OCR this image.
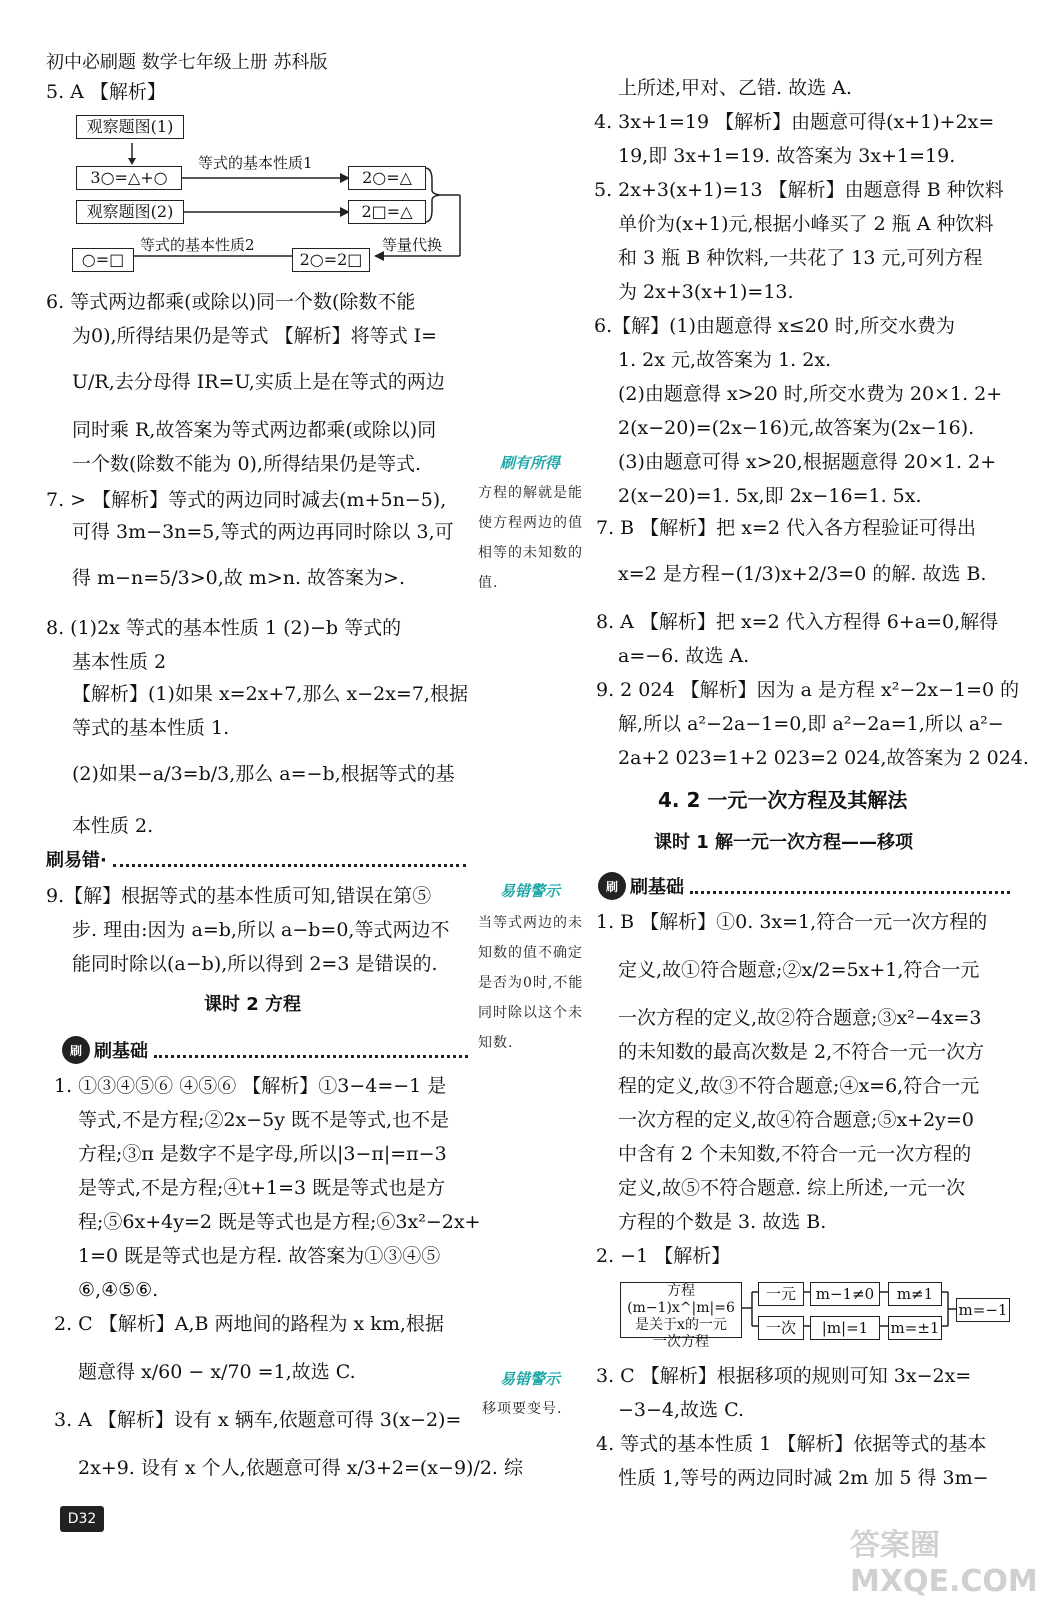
初中必刷题 数学七年级上册 苏科版
观察题图(1)
3○=△+○
等式的基本性质1
2○=△
观察题图(2)	2□=△
等式的基本性质2	等量代换
○=□	2○=2□
5. A 【解析】
6. 等式两边都乘(或除以)同一个数(除数不能
为0),所得结果仍是等式 【解析】将等式 I=
U/R,去分母得 IR=U,实质上是在等式的两边
同时乘 R,故答案为等式两边都乘(或除以)同
一个数(除数不能为 0),所得结果仍是等式.
7. > 【解析】等式的两边同时减去(m+5n−5),
可得 3m−3n=5,等式的两边再同时除以 3,可
得 m−n=5/3>0,故 m>n. 故答案为>.
8. (1)2x 等式的基本性质 1 (2)−b 等式的
基本性质 2
【解析】(1)如果 x=2x+7,那么 x−2x=7,根据
等式的基本性质 1.
(2)如果−a/3=b/3,那么 a=−b,根据等式的基
本性质 2.
刷易错·
9.【解】根据等式的基本性质可知,错误在第⑤
步. 理由:因为 a=b,所以 a−b=0,等式两边不
能同时除以(a−b),所以得到 2=3 是错误的.
课时 2 方程
刷 刷基础
1. ①③④⑤⑥ ④⑤⑥ 【解析】①3−4=−1 是
等式,不是方程;②2x−5y 既不是等式,也不是
方程;③π 是数字不是字母,所以|3−π|=π−3
是等式,不是方程;④t+1=3 既是等式也是方
程;⑤6x+4y=2 既是等式也是方程;⑥3x²−2x+
1=0 既是等式也是方程. 故答案为①③④⑤
⑥,④⑤⑥.
2. C 【解析】A,B 两地间的路程为 x km,根据
题意得 x/60 − x/70 =1,故选 C.
3. A 【解析】设有 x 辆车,依题意可得 3(x−2)=
2x+9. 设有 x 个人,依题意可得 x/3+2=(x−9)/2. 综
刷有所得
方程的解就是能使方程两边的值相等的未知数的值.
易错警示
当等式两边的未知数的值不确定是否为0时,不能同时除以这个未知数.
易错警示
移项要变号.
上所述,甲对、乙错. 故选 A.
4. 3x+1=19 【解析】由题意可得(x+1)+2x=
19,即 3x+1=19. 故答案为 3x+1=19.
5. 2x+3(x+1)=13 【解析】由题意得 B 种饮料
单价为(x+1)元,根据小峰买了 2 瓶 A 种饮料
和 3 瓶 B 种饮料,一共花了 13 元,可列方程
为 2x+3(x+1)=13.
6.【解】(1)由题意得 x≤20 时,所交水费为
1. 2x 元,故答案为 1. 2x.
(2)由题意得 x>20 时,所交水费为 20×1. 2+
2(x−20)=(2x−16)元,故答案为(2x−16).
(3)由题意可得 x>20,根据题意得 20×1. 2+
2(x−20)=1. 5x,即 2x−16=1. 5x.
7. B 【解析】把 x=2 代入各方程验证可得出
x=2 是方程−(1/3)x+2/3=0 的解. 故选 B.
8. A 【解析】把 x=2 代入方程得 6+a=0,解得
a=−6. 故选 A.
9. 2 024 【解析】因为 a 是方程 x²−2x−1=0 的
解,所以 a²−2a−1=0,即 a²−2a=1,所以 a²−
2a+2 023=1+2 023=2 024,故答案为 2 024.
4. 2 一元一次方程及其解法
课时 1 解一元一次方程——移项
刷 刷基础
1. B 【解析】①0. 3x=1,符合一元一次方程的
定义,故①符合题意;②x/2=5x+1,符合一元
一次方程的定义,故②符合题意;③x²−4x=3
的未知数的最高次数是 2,不符合一元一次方
程的定义,故③不符合题意;④x=6,符合一元
一次方程的定义,故④符合题意;⑤x+2y=0
中含有 2 个未知数,不符合一元一次方程的
定义,故⑤不符合题意. 综上所述,一元一次
方程的个数是 3. 故选 B.
2. −1 【解析】
方程(m−1)x^|m|=6
是关于x的一元
一次方程
一元	m−1≠0	m≠1
一次	|m|=1	m=±1
m=−1
3. C 【解析】根据移项的规则可知 3x−2x=
−3−4,故选 C.
4. 等式的基本性质 1 【解析】依据等式的基本
性质 1,等号的两边同时减 2m 加 5 得 3m−
D32
答案圈 MXQE.COM
